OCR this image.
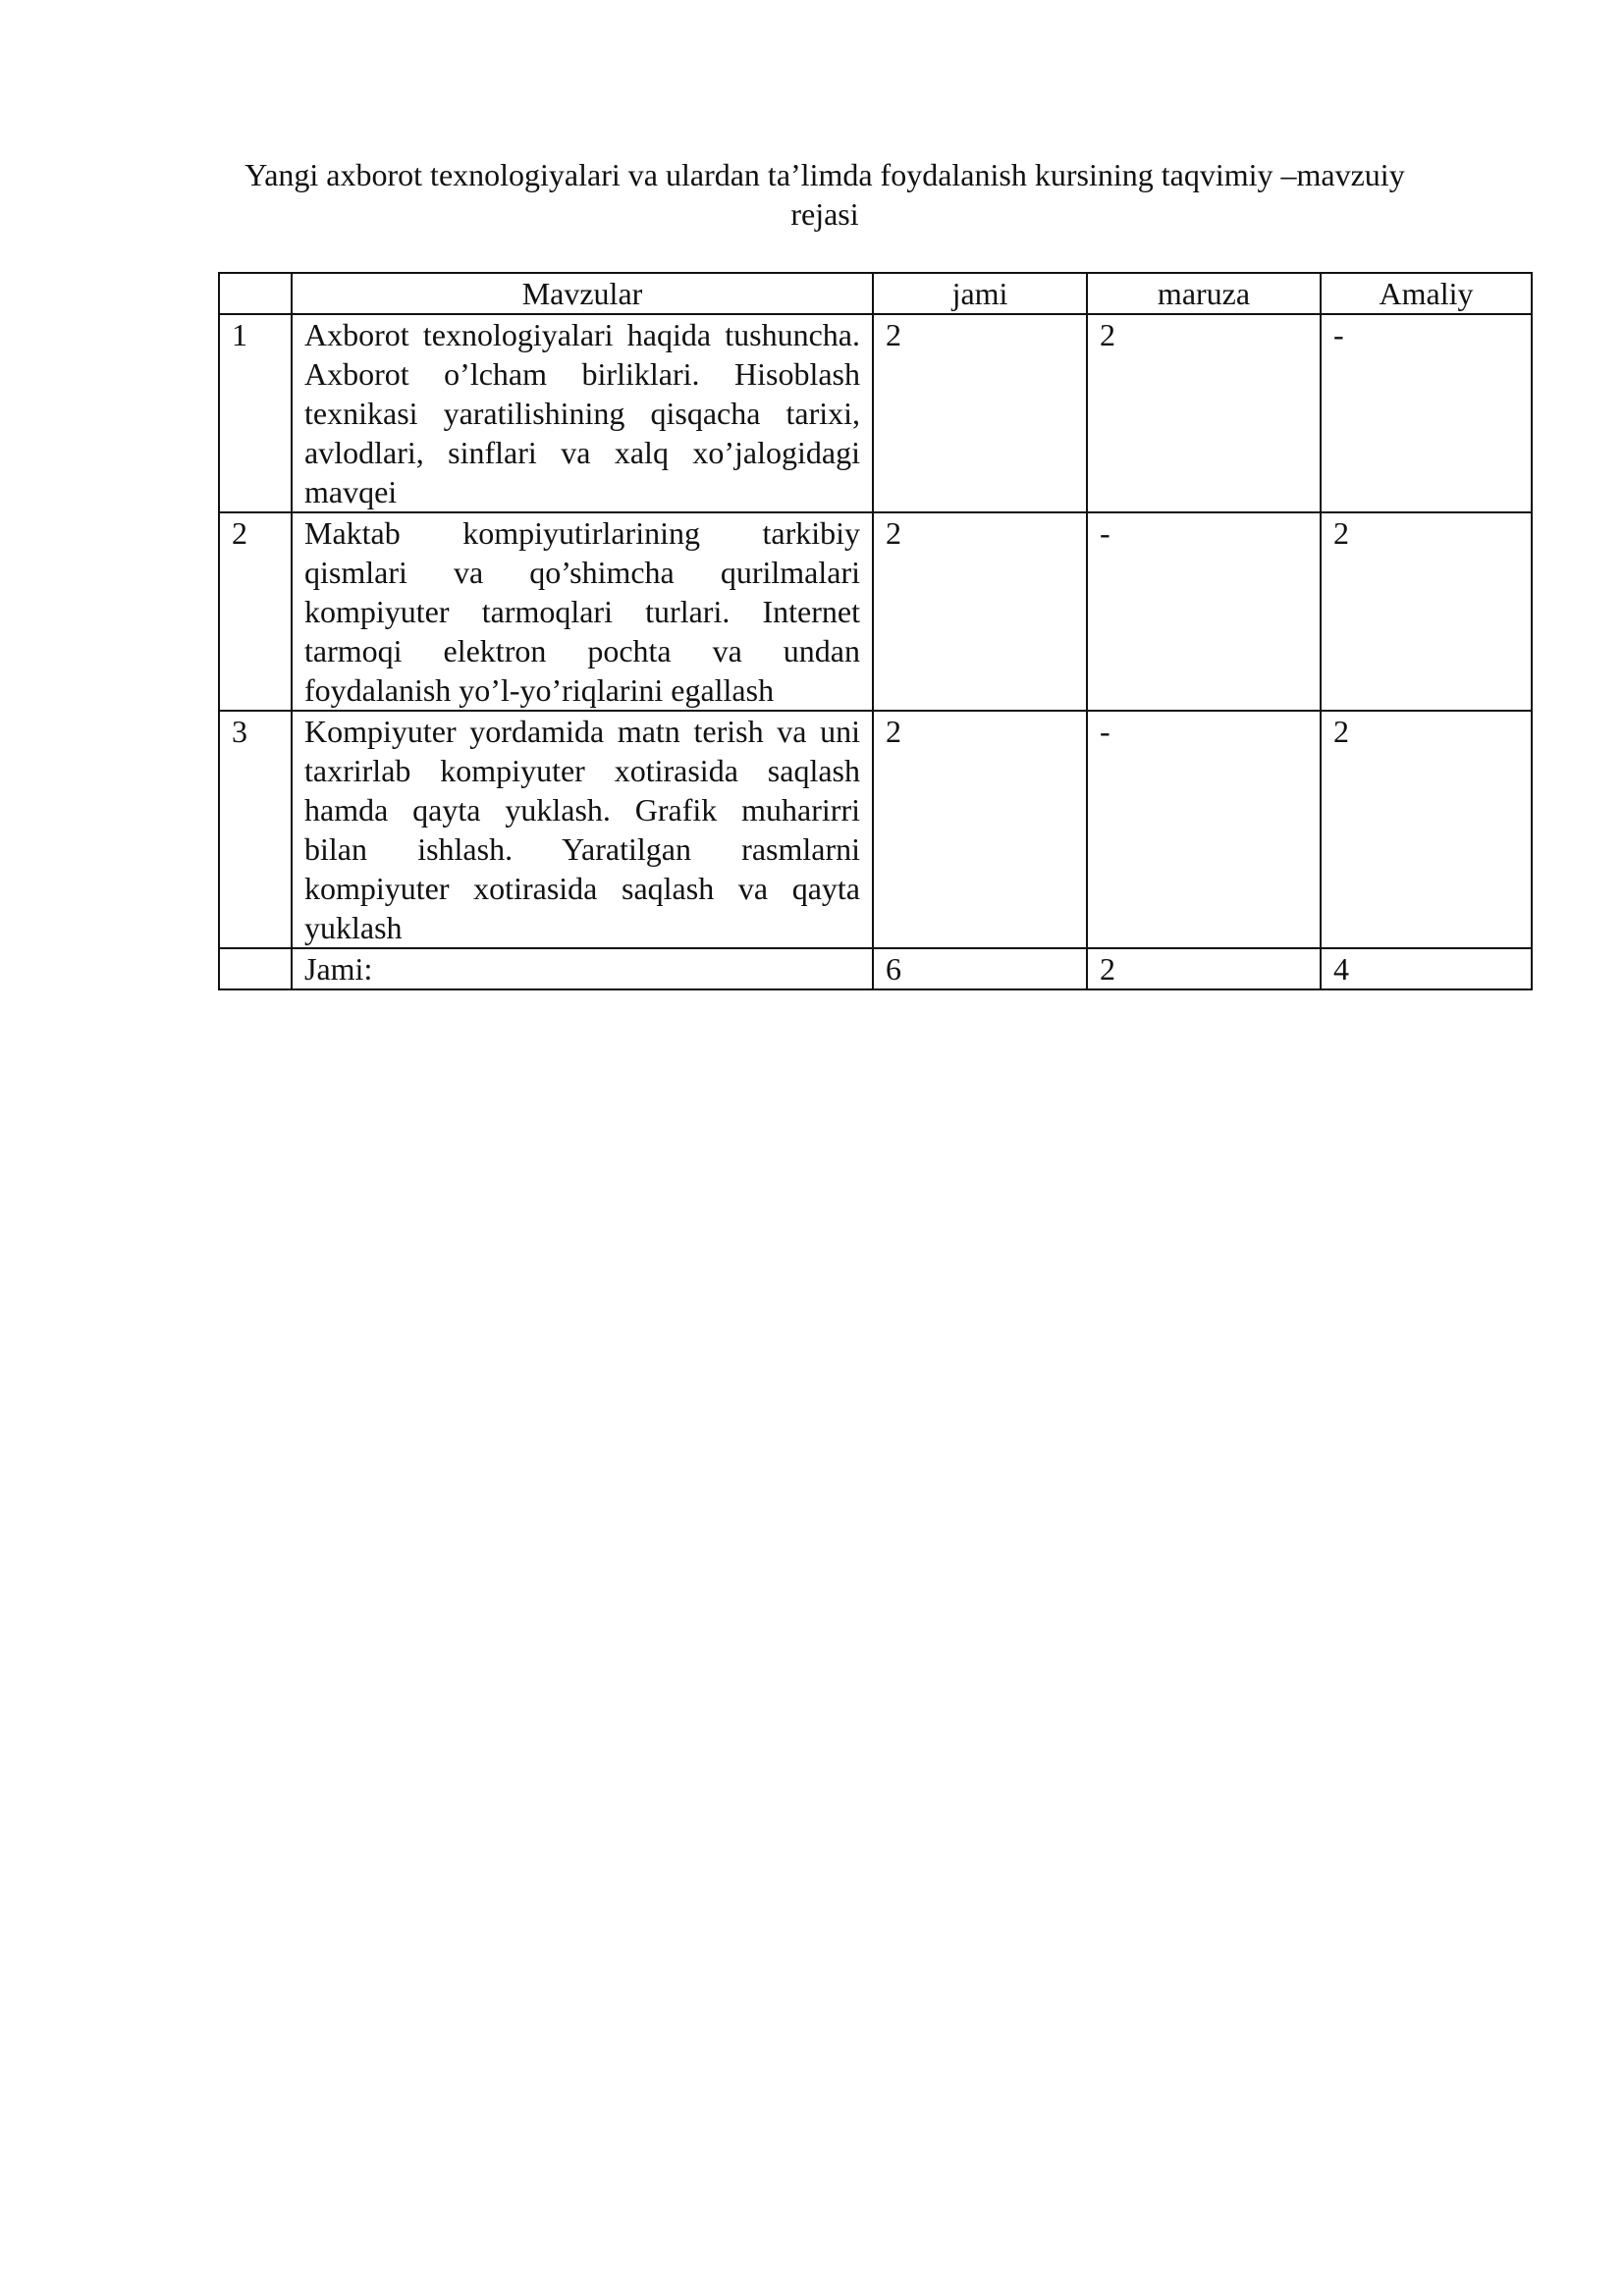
Yangi axborot texnologiyalari va ulardan ta’limda foydalanish kursining taqvimiy –mavzuiy
rejasi
	Mavzular	jami	maruza	Amaliy
1	Axborot texnologiyalari haqida tushuncha. Axborot o’lcham birliklari. Hisoblash texnikasi yaratilishining qisqacha tarixi, avlodlari, sinflari va xalq xo’jalogidagi mavqei	2	2	-
2	Maktab kompiyutirlarining tarkibiy qismlari va qo’shimcha qurilmalari kompiyuter tarmoqlari turlari. Internet tarmoqi elektron pochta va undan foydalanish yo’l-yo’riqlarini egallash	2	-	2
3	Kompiyuter yordamida matn terish va uni taxrirlab kompiyuter xotirasida saqlash hamda qayta yuklash. Grafik muharirri bilan ishlash. Yaratilgan rasmlarni kompiyuter xotirasida saqlash va qayta yuklash	2	-	2
	Jami:	6	2	4
